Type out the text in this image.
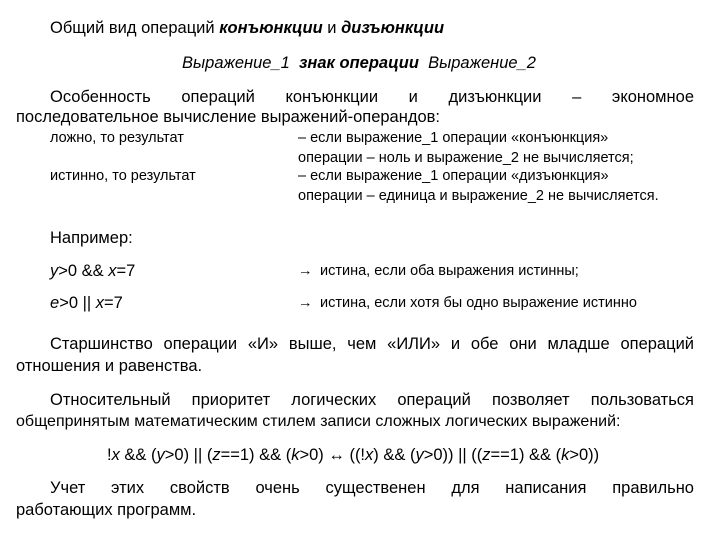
Общий вид операций конъюнкции и дизъюнкции
Выражение_1 знак операции Выражение_2
Особенность операций конъюнкции и дизъюнкции – экономное
последовательное вычисление выражений-операндов:
ложно, то результат	– если выражение_1 операции «конъюнкция»
операции – ноль и выражение_2 не вычисляется;
истинно, то результат	– если выражение_1 операции «дизъюнкция»
операции – единица и выражение_2 не вычисляется.
Например:
y>0 && x=7	→ истина, если оба выражения истинны;
e>0 || x=7	→ истина, если хотя бы одно выражение истинно
Старшинство операции «И» выше, чем «ИЛИ» и обе они младше операций
отношения и равенства.
Относительный приоритет логических операций позволяет пользоваться
общепринятым математическим стилем записи сложных логических выражений:
!x && (y>0) || (z==1) && (k>0) ↔ ((!x) && (y>0)) || ((z==1) && (k>0))
Учет этих свойств очень существенен для написания правильно
работающих программ.
